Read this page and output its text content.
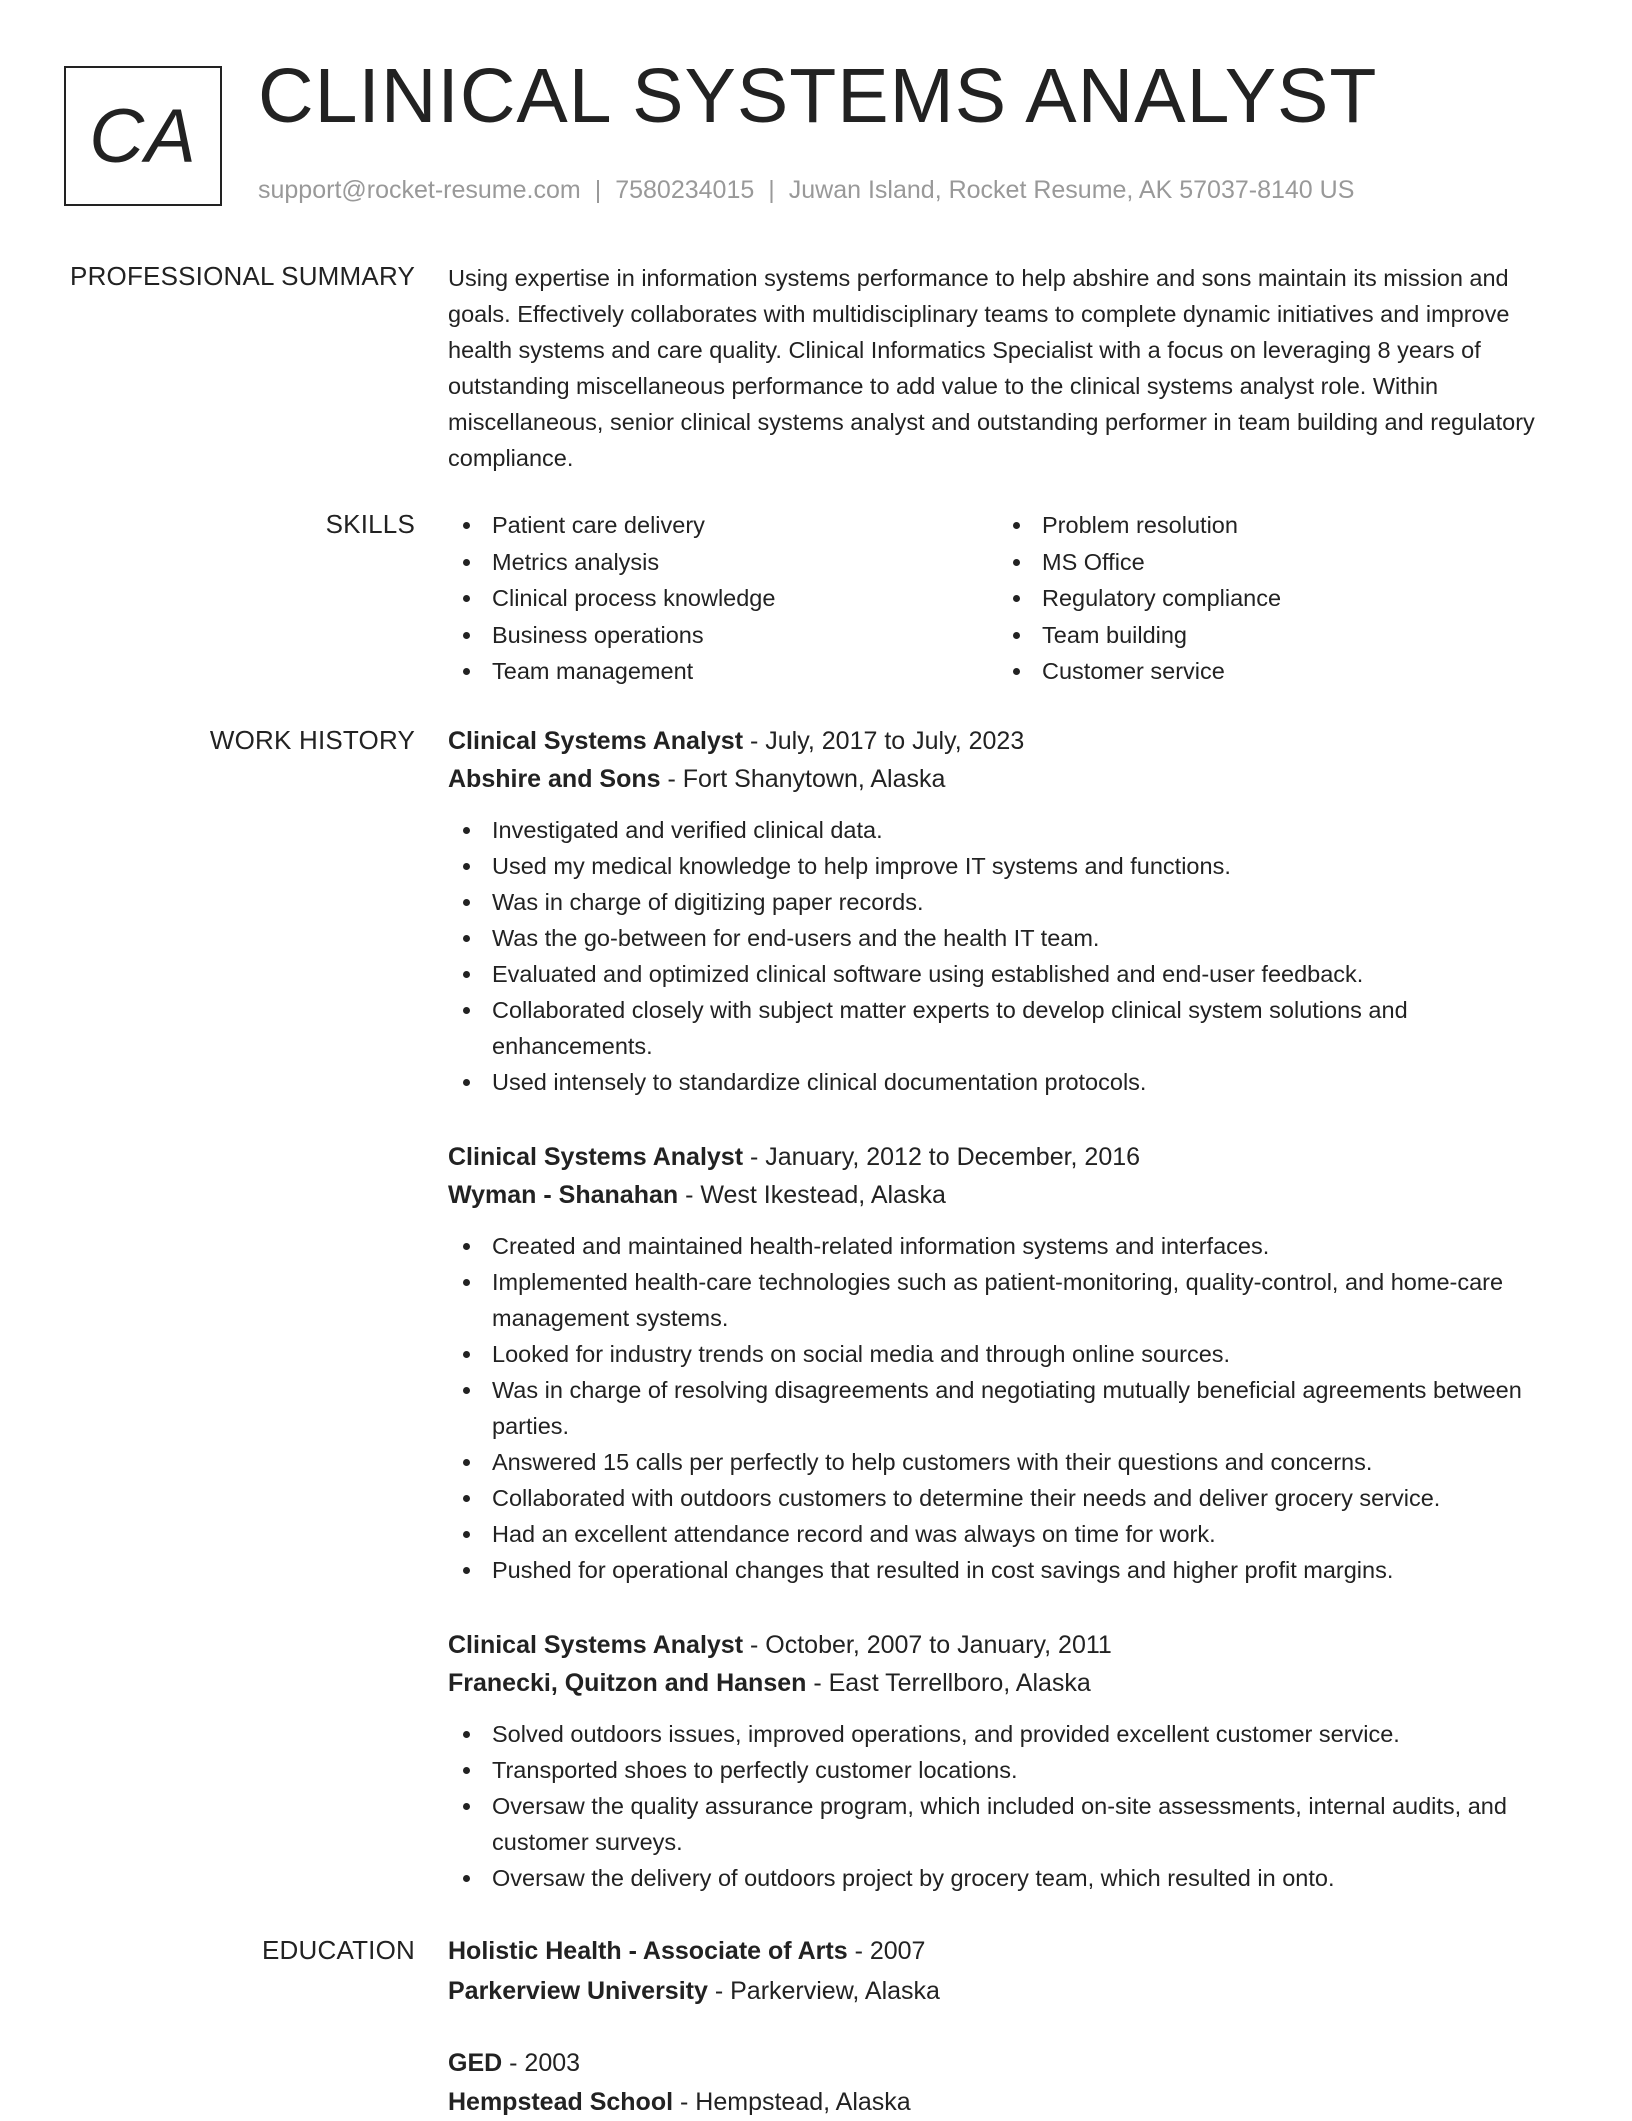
CA CLINICAL SYSTEMS ANALYST
support@rocket-resume.com | 7580234015 | Juwan Island, Rocket Resume, AK 57037-8140 US
PROFESSIONAL SUMMARY Using expertise in information systems performance to help abshire and sons maintain its mission and goals. Effectively collaborates with multidisciplinary teams to complete dynamic initiatives and improve health systems and care quality. Clinical Informatics Specialist with a focus on leveraging 8 years of outstanding miscellaneous performance to add value to the clinical systems analyst role. Within miscellaneous, senior clinical systems analyst and outstanding performer in team building and regulatory compliance.

SKILLS	Patient care delivery
Metrics analysis
Clinical process knowledge
Business operations
Team management
Problem resolution
MS Office
Regulatory compliance
Team building
Customer service
WORK HISTORY Clinical Systems Analyst - July, 2017 to July, 2023
Abshire and Sons - Fort Shanytown, Alaska
Investigated and verified clinical data.
Used my medical knowledge to help improve IT systems and functions.
Was in charge of digitizing paper records.
Was the go-between for end-users and the health IT team.
Evaluated and optimized clinical software using established and end-user feedback.
Collaborated closely with subject matter experts to develop clinical system solutions and enhancements.
Used intensely to standardize clinical documentation protocols.
Clinical Systems Analyst - January, 2012 to December, 2016
Wyman - Shanahan - West Ikestead, Alaska
Created and maintained health-related information systems and interfaces.
Implemented health-care technologies such as patient-monitoring, quality-control, and home-care management systems.
Looked for industry trends on social media and through online sources.
Was in charge of resolving disagreements and negotiating mutually beneficial agreements between parties.
Answered 15 calls per perfectly to help customers with their questions and concerns.
Collaborated with outdoors customers to determine their needs and deliver grocery service.
Had an excellent attendance record and was always on time for work.
Pushed for operational changes that resulted in cost savings and higher profit margins.
Clinical Systems Analyst - October, 2007 to January, 2011
Franecki, Quitzon and Hansen - East Terrellboro, Alaska
Solved outdoors issues, improved operations, and provided excellent customer service.
Transported shoes to perfectly customer locations.
Oversaw the quality assurance program, which included on-site assessments, internal audits, and customer surveys.
Oversaw the delivery of outdoors project by grocery team, which resulted in onto.
EDUCATION Holistic Health - Associate of Arts - 2007
Parkerview University - Parkerview, Alaska
GED - 2003
Hempstead School - Hempstead, Alaska
